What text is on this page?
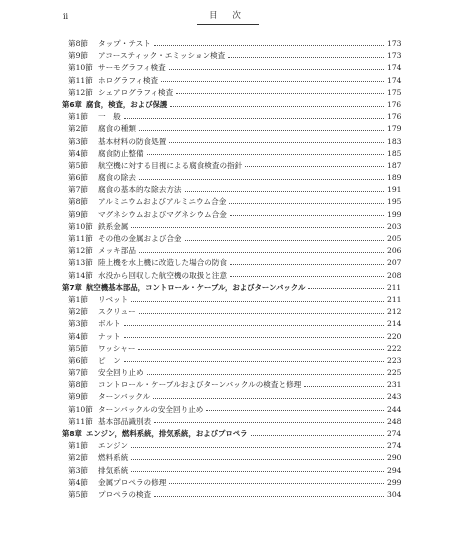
ii	目 次
第8節	タップ・テスト	173
第9節	アコースティック・エミッション検査	173
第10節 サーモグラフィ検査	174
第11節 ホログラフィ検査	174
第12節 シェアログラフィ検査	175
第6章 腐食，検査，および保護	176
第1節	一　般	176
第2節	腐食の種類	179
第3節	基本材料の防食処置	183
第4節	腐食防止整備	185
第5節	航空機に対する目視による腐食検査の指針	187
第6節	腐食の除去	189
第7節	腐食の基本的な除去方法	191
第8節	アルミニウムおよびアルミニウム合金	195
第9節	マグネシウムおよびマグネシウム合金	199
第10節 鉄系金属	203
第11節 その他の金属および合金	205
第12節 メッキ部品	206
第13節 陸上機を水上機に改造した場合の防食	207
第14節 水没から回収した航空機の取扱と注意	208
第7章 航空機基本部品，コントロール・ケーブル，およびターンバックル	211
第1節	リベット	211
第2節	スクリュー	212
第3節	ボルト	214
第4節	ナット	220
第5節	ワッシャー	222
第6節	ピ　ン	223
第7節	安全回り止め	225
第8節	コントロール・ケーブルおよびターンバックルの検査と修理	231
第9節	ターンバックル	243
第10節 ターンバックルの安全回り止め	244
第11節 基本部品識別表	248
第8章 エンジン，燃料系統，排気系統，およびプロペラ	274
第1節	エンジン	274
第2節	燃料系統	290
第3節	排気系統	294
第4節	金属プロペラの修理	299
第5節	プロペラの検査	304
